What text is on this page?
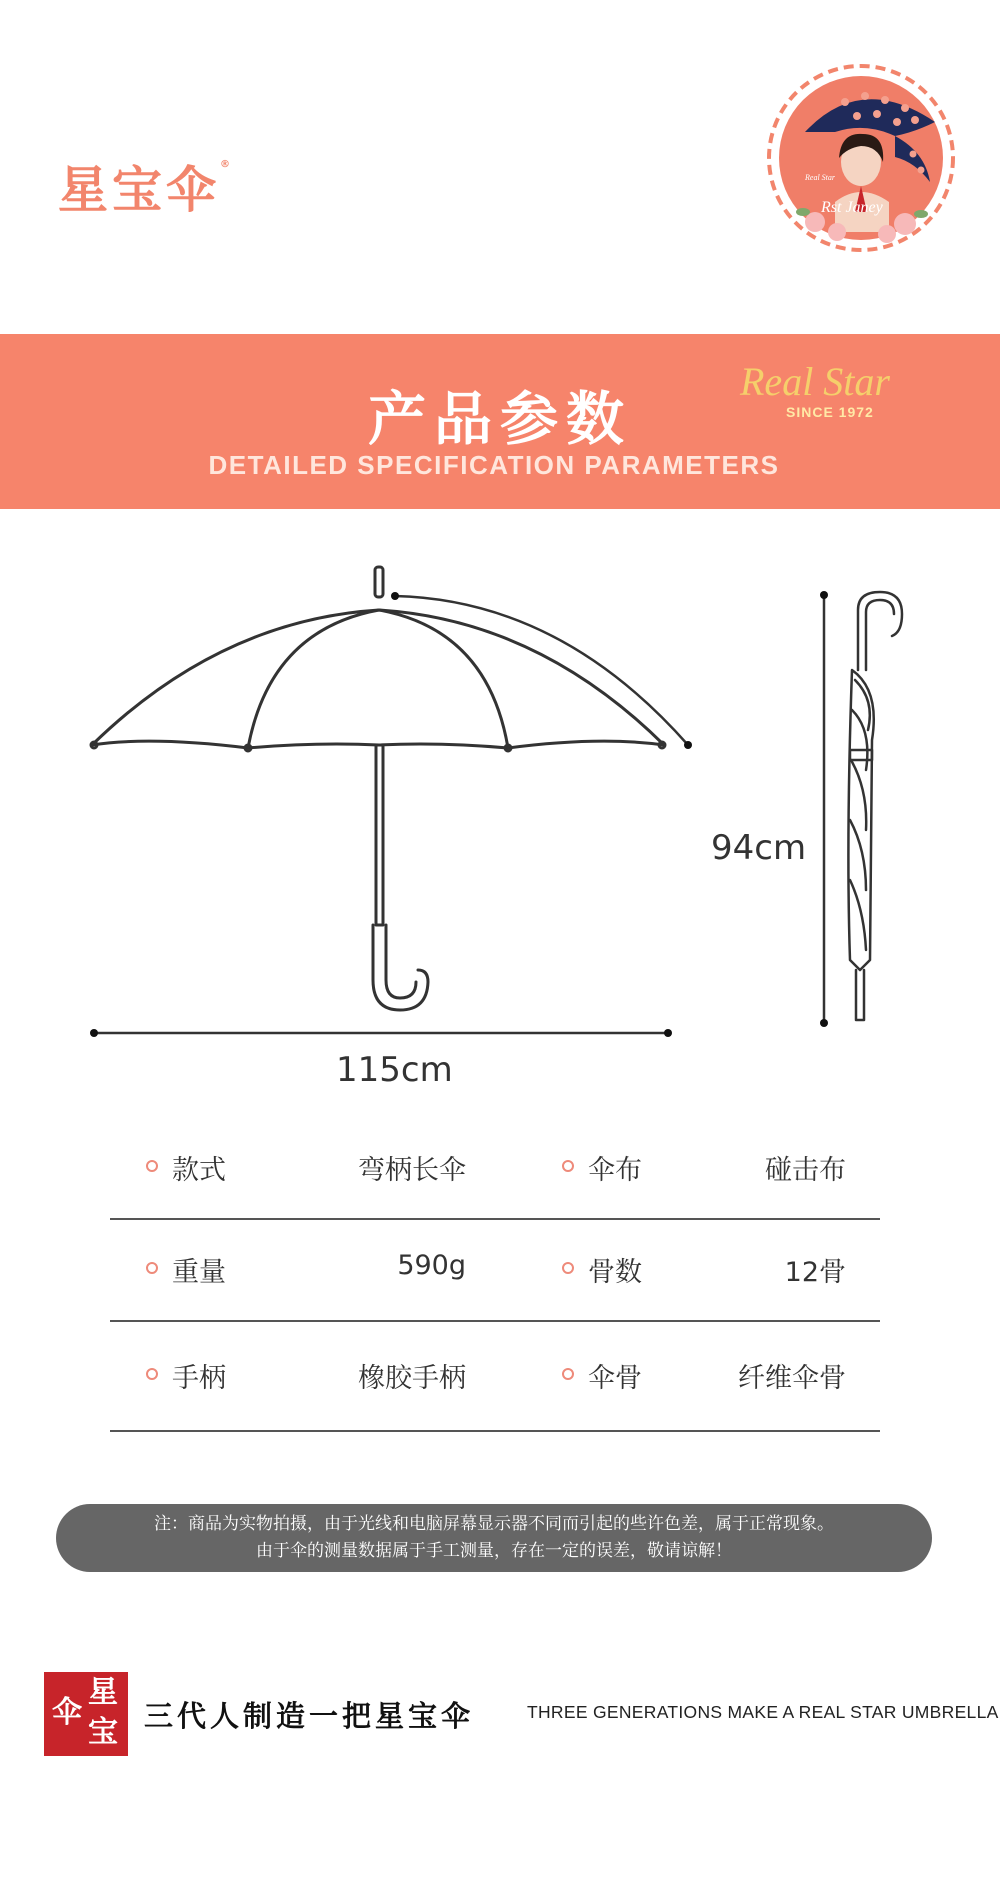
星宝伞®
Real Star
Rst Janey
产品参数
DETAILED SPECIFICATION PARAMETERS
Real Star
SINCE 1972
115cm
94cm
款式	弯柄长伞	伞布	碰击布
重量	590g	骨数	12骨
手柄	橡胶手柄	伞骨	纤维伞骨
注：商品为实物拍摄，由于光线和电脑屏幕显示器不同而引起的些许色差，属于正常现象。
由于伞的测量数据属于手工测量，存在一定的误差，敬请谅解！
星
伞
宝 三代人制造一把星宝伞	THREE GENERATIONS MAKE A REAL STAR UMBRELLA
